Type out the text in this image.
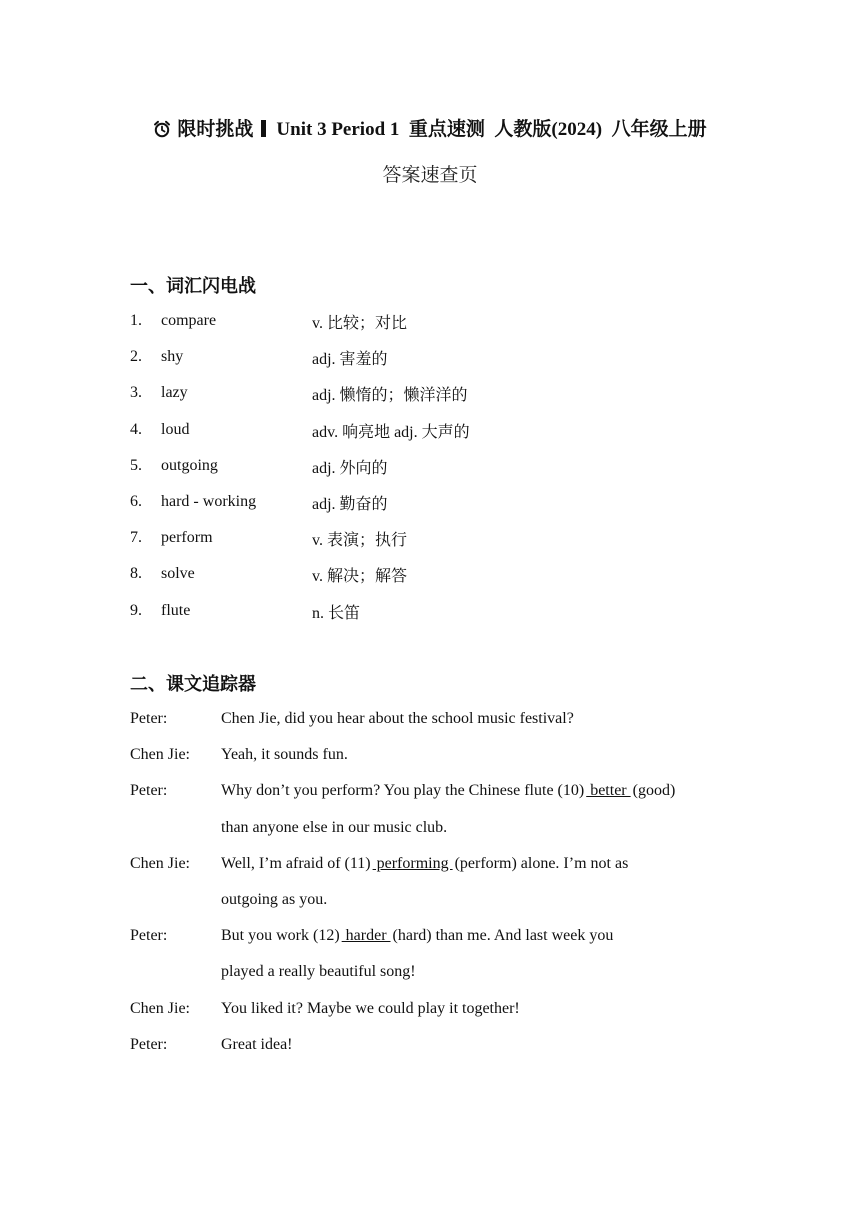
限时挑战 Unit 3 Period 1 重点速测 人教版(2024) 八年级上册
答案速查页
一、词汇闪电战
1. compare	v. 比较；对比
2. shy	adj. 害羞的
3. lazy	adj. 懒惰的；懒洋洋的
4. loud	adv. 响亮地 adj. 大声的
5. outgoing	adj. 外向的
6. hard - working	adj. 勤奋的
7. perform	v. 表演；执行
8. solve	v. 解决；解答
9. flute	n. 长笛
二、课文追踪器
Peter:	Chen Jie, did you hear about the school music festival?
Chen Jie: Yeah, it sounds fun.
Peter:	Why don’t you perform? You play the Chinese flute (10) better (good)
than anyone else in our music club.
Chen Jie: Well, I’m afraid of (11) performing (perform) alone. I’m not as
outgoing as you.
Peter:	But you work (12) harder (hard) than me. And last week you
played a really beautiful song!
Chen Jie: You liked it? Maybe we could play it together!
Peter:	Great idea!
